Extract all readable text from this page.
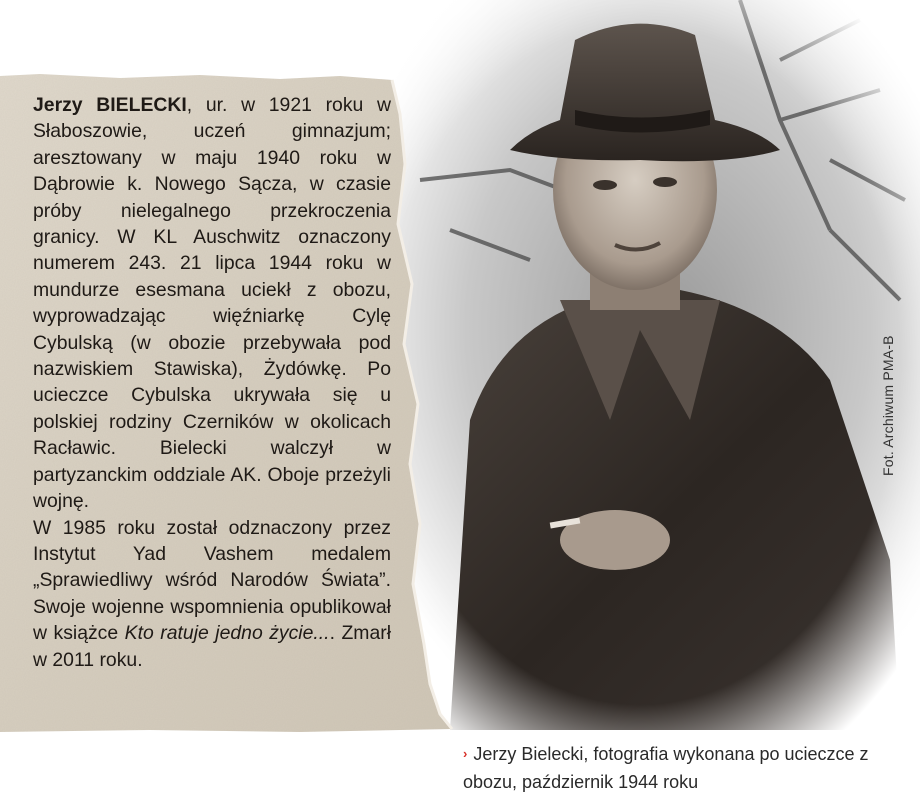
Jerzy BIELECKI, ur. w 1921 roku w Słaboszowie, uczeń gimnazjum; aresztowany w maju 1940 roku w Dąbrowie k. Nowego Sącza, w czasie próby nielegalnego przekroczenia granicy. W KL Auschwitz oznaczony numerem 243. 21 lipca 1944 roku w mundurze esesmana uciekł z obozu, wyprowadzając więźniarkę Cylę Cybulską (w obozie przebywała pod nazwiskiem Stawiska), Żydówkę. Po ucieczce Cybulska ukrywała się u polskiej rodziny Czerników w okolicach Racławic. Bielecki walczył w partyzanckim oddziale AK. Oboje przeżyli wojnę.

W 1985 roku został odznaczony przez Instytut Yad Vashem medalem „Sprawiedliwy wśród Narodów Świata”. Swoje wojenne wspomnienia opublikował w książce Kto ratuje jedno życie.... Zmarł w 2011 roku.

Fot. Archiwum PMA-B
› Jerzy Bielecki, fotografia wykonana po ucieczce z obozu, październik 1944 roku
